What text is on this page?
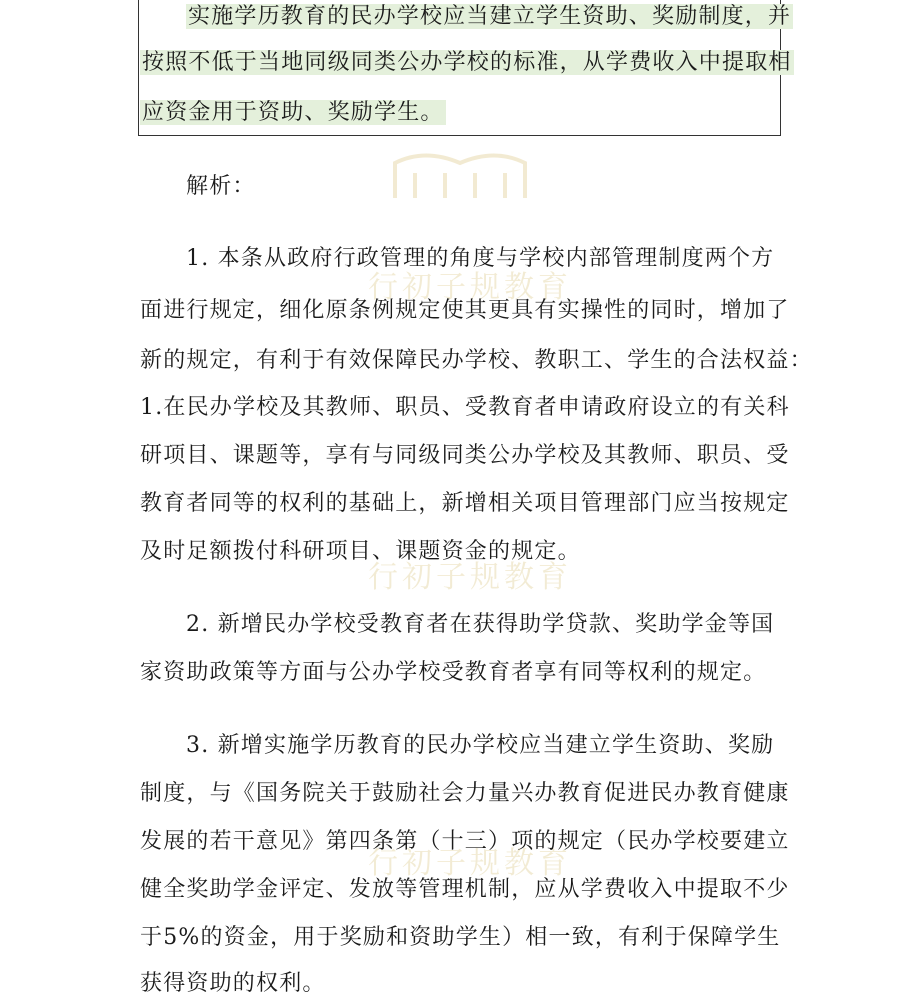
行初子规教育
行初子规教育
行初子规教育
实施学历教育的民办学校应当建立学生资助、奖励制度，并
按照不低于当地同级同类公办学校的标准，从学费收入中提取相
应资金用于资助、奖励学生。
解析：
1. 本条从政府行政管理的角度与学校内部管理制度两个方
面进行规定，细化原条例规定使其更具有实操性的同时，增加了
新的规定，有利于有效保障民办学校、教职工、学生的合法权益：
1.在民办学校及其教师、职员、受教育者申请政府设立的有关科
研项目、课题等，享有与同级同类公办学校及其教师、职员、受
教育者同等的权利的基础上，新增相关项目管理部门应当按规定
及时足额拨付科研项目、课题资金的规定。
2. 新增民办学校受教育者在获得助学贷款、奖助学金等国
家资助政策等方面与公办学校受教育者享有同等权利的规定。
3. 新增实施学历教育的民办学校应当建立学生资助、奖励
制度，与《国务院关于鼓励社会力量兴办教育促进民办教育健康
发展的若干意见》第四条第（十三）项的规定（民办学校要建立
健全奖助学金评定、发放等管理机制，应从学费收入中提取不少
于5%的资金，用于奖励和资助学生）相一致，有利于保障学生
获得资助的权利。
